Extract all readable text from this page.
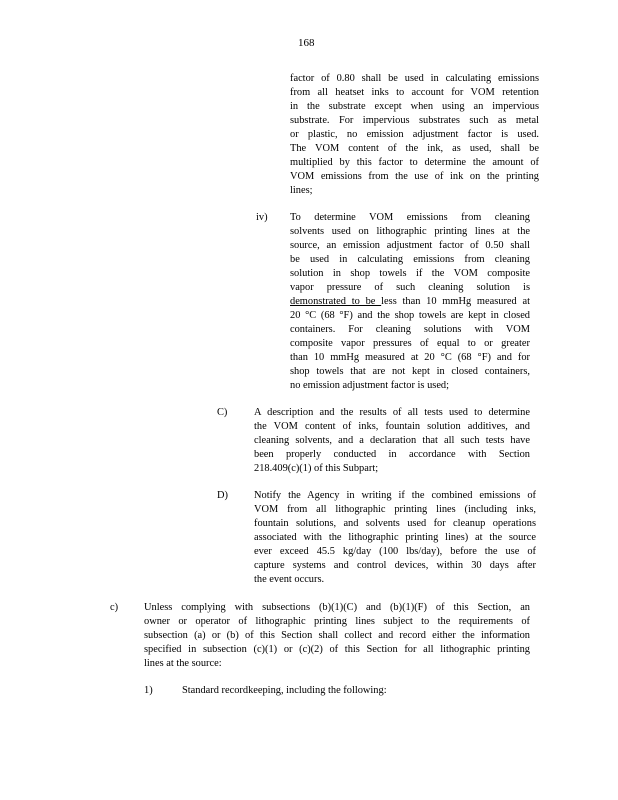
168
factor of 0.80 shall be used in calculating emissions
from all heatset inks to account for VOM retention
in the substrate except when using an impervious
substrate. For impervious substrates such as metal
or plastic, no emission adjustment factor is used.
The VOM content of the ink, as used, shall be
multiplied by this factor to determine the amount of
VOM emissions from the use of ink on the printing
lines;
iv) To determine VOM emissions from cleaning
solvents used on lithographic printing lines at the
source, an emission adjustment factor of 0.50 shall
be used in calculating emissions from cleaning
solution in shop towels if the VOM composite
vapor pressure of such cleaning solution is
demonstrated to be less than 10 mmHg measured at
20 °C (68 °F) and the shop towels are kept in closed
containers. For cleaning solutions with VOM
composite vapor pressures of equal to or greater
than 10 mmHg measured at 20 °C (68 °F) and for
shop towels that are not kept in closed containers,
no emission adjustment factor is used;
C)	A description and the results of all tests used to determine
the VOM content of inks, fountain solution additives, and
cleaning solvents, and a declaration that all such tests have
been properly conducted in accordance with Section
218.409(c)(1) of this Subpart;
D)	Notify the Agency in writing if the combined emissions of
VOM from all lithographic printing lines (including inks,
fountain solutions, and solvents used for cleanup operations
associated with the lithographic printing lines) at the source
ever exceed 45.5 kg/day (100 lbs/day), before the use of
capture systems and control devices, within 30 days after
the event occurs.
c) Unless complying with subsections (b)(1)(C) and (b)(1)(F) of this Section, an
owner or operator of lithographic printing lines subject to the requirements of
subsection (a) or (b) of this Section shall collect and record either the information
specified in subsection (c)(1) or (c)(2) of this Section for all lithographic printing
lines at the source:
1)	Standard recordkeeping, including the following:
